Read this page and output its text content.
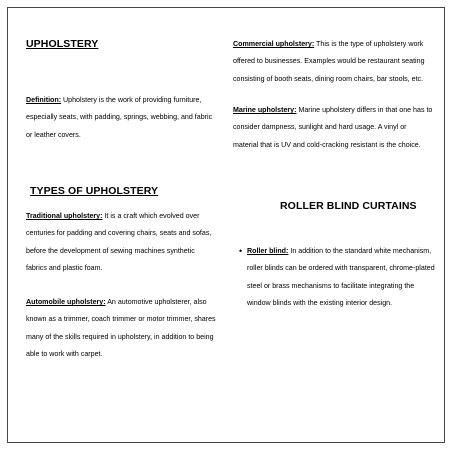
UPHOLSTERY

Definition: Upholstery is the work of providing furniture, especially seats, with padding, springs, webbing, and fabric or leather covers.

TYPES OF UPHOLSTERY

Traditional upholstery: It is a craft which evolved over centuries for padding and covering chairs, seats and sofas, before the development of sewing machines synthetic fabrics and plastic foam.

Automobile upholstery: An automotive upholsterer, also known as a trimmer, coach trimmer or motor trimmer, shares many of the skills required in upholstery, in addition to being able to work with carpet.

Commercial upholstery: This is the type of upholstery work offered to businesses. Examples would be restaurant seating consisting of booth seats, dining room chairs, bar stools, etc.

Marine upholstery: Marine upholstery differs in that one has to consider dampness, sunlight and hard usage. A vinyl or material that is UV and cold-cracking resistant is the choice.

ROLLER BLIND CURTAINS
• Roller blind: In addition to the standard white mechanism, roller blinds can be ordered with transparent, chrome-plated steel or brass mechanisms to facilitate integrating the window blinds with the existing interior design.
